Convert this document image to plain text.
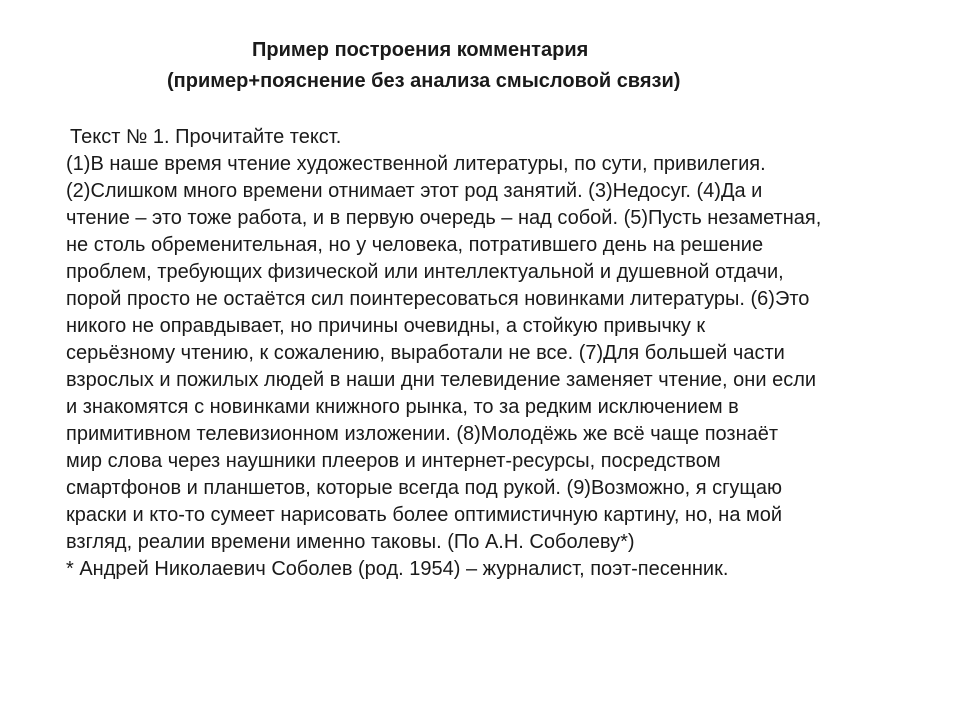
Пример построения комментария
(пример+пояснение без анализа смысловой связи)
Текст № 1. Прочитайте текст.
(1)В наше время чтение художественной литературы, по сути, привилегия.
(2)Слишком много времени отнимает этот род занятий. (3)Недосуг. (4)Да и
чтение – это тоже работа, и в первую очередь – над собой. (5)Пусть незаметная,
не столь обременительная, но у человека, потратившего день на решение
проблем, требующих физической или интеллектуальной и душевной отдачи,
порой просто не остаётся сил поинтересоваться новинками литературы. (6)Это
никого не оправдывает, но причины очевидны, а стойкую привычку к
серьёзному чтению, к сожалению, выработали не все. (7)Для большей части
взрослых и пожилых людей в наши дни телевидение заменяет чтение, они если
и знакомятся с новинками книжного рынка, то за редким исключением в
примитивном телевизионном изложении. (8)Молодёжь же всё чаще познаёт
мир слова через наушники плееров и интернет-ресурсы, посредством
смартфонов и планшетов, которые всегда под рукой. (9)Возможно, я сгущаю
краски и кто-то сумеет нарисовать более оптимистичную картину, но, на мой
взгляд, реалии времени именно таковы. (По А.Н. Соболеву*)
* Андрей Николаевич Соболев (род. 1954) – журналист, поэт-песенник.
